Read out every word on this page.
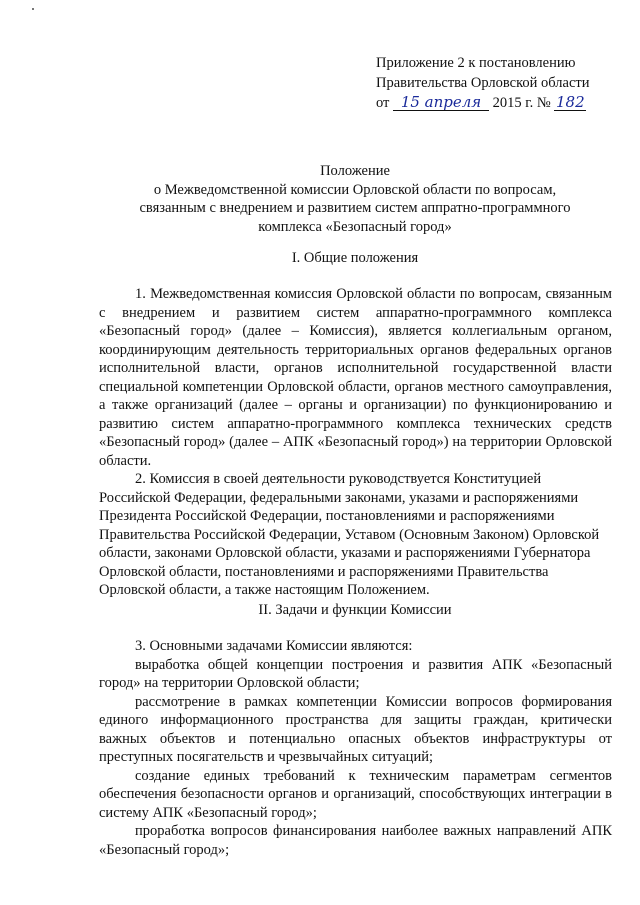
Приложение 2 к постановлению
Правительства Орловской области
от 15 апреля 2015 г. № 182
Положение
о Межведомственной комиссии Орловской области по вопросам,
связанным с внедрением и развитием систем аппратно-программного
комплекса «Безопасный город»
I. Общие положения

1. Межведомственная комиссия Орловской области по вопросам, связанным с внедрением и развитием систем аппаратно-программного комплекса «Безопасный город» (далее – Комиссия), является коллегиальным органом, координирующим деятельность территориальных органов федеральных органов исполнительной власти, органов исполнительной государственной власти специальной компетенции Орловской области, органов местного самоуправления, а также организаций (далее – органы и организации) по функционированию и развитию систем аппаратно-программного комплекса технических средств «Безопасный город» (далее – АПК «Безопасный город») на территории Орловской области.

2. Комиссия в своей деятельности руководствуется Конституцией Российской Федерации, федеральными законами, указами и распоряжениями Президента Российской Федерации, постановлениями и распоряжениями Правительства Российской Федерации, Уставом (Основным Законом) Орловской области, законами Орловской области, указами и распоряжениями Губернатора Орловской области, постановлениями и распоряжениями Правительства Орловской области, а также настоящим Положением.

II. Задачи и функции Комиссии

3. Основными задачами Комиссии являются:

выработка общей концепции построения и развития АПК «Безопасный город» на территории Орловской области;

рассмотрение в рамках компетенции Комиссии вопросов формирования единого информационного пространства для защиты граждан, критически важных объектов и потенциально опасных объектов инфраструктуры от преступных посягательств и чрезвычайных ситуаций;

создание единых требований к техническим параметрам сегментов обеспечения безопасности органов и организаций, способствующих интеграции в систему АПК «Безопасный город»;

проработка вопросов финансирования наиболее важных направлений АПК «Безопасный город»;
